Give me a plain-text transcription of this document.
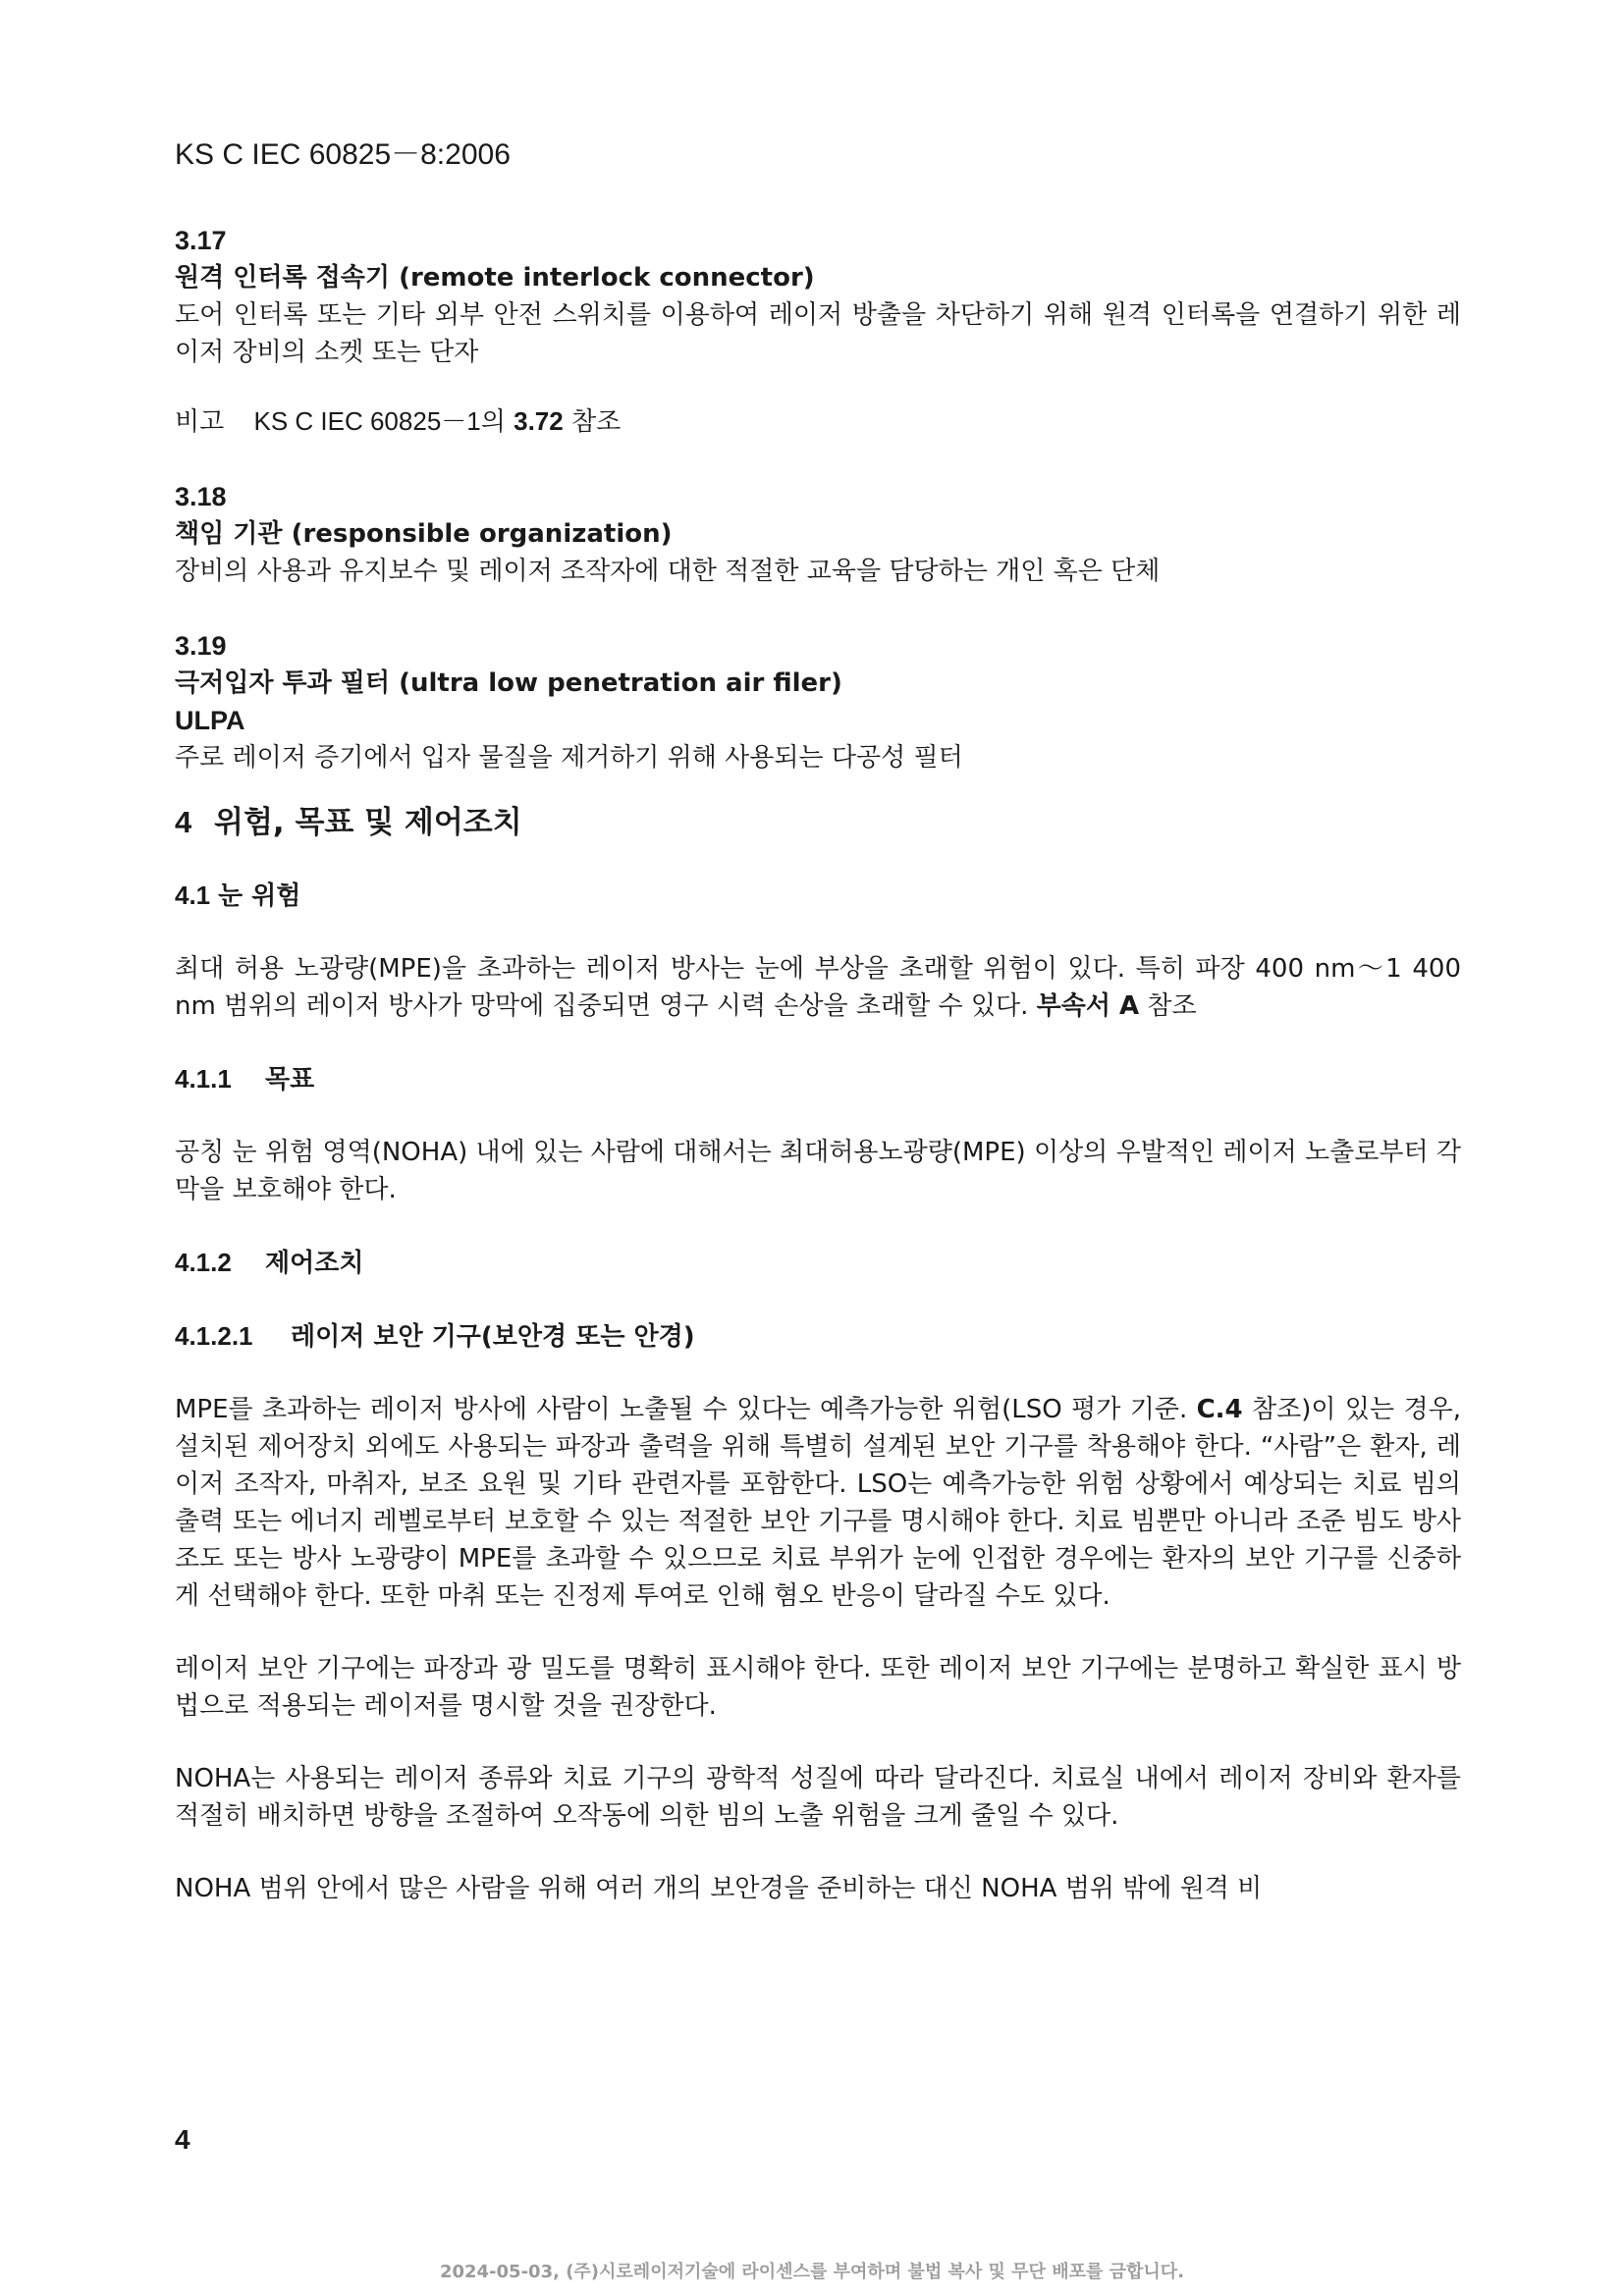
KS C IEC 60825－8:2006
3.17
원격 인터록 접속기 (remote interlock connector)

도어 인터록 또는 기타 외부 안전 스위치를 이용하여 레이저 방출을 차단하기 위해 원격 인터록을 연결하기 위한 레이저 장비의 소켓 또는 단자

비고 KS C IEC 60825－1의 3.72 참조

3.18
책임 기관 (responsible organization)

장비의 사용과 유지보수 및 레이저 조작자에 대한 적절한 교육을 담당하는 개인 혹은 단체

3.19
극저입자 투과 필터 (ultra low penetration air filer)
ULPA

주로 레이저 증기에서 입자 물질을 제거하기 위해 사용되는 다공성 필터

4 위험, 목표 및 제어조치
4.1 눈 위험

최대 허용 노광량(MPE)을 초과하는 레이저 방사는 눈에 부상을 초래할 위험이 있다. 특히 파장 400 nm～1 400 nm 범위의 레이저 방사가 망막에 집중되면 영구 시력 손상을 초래할 수 있다. 부속서 A 참조

4.1.1 목표

공칭 눈 위험 영역(NOHA) 내에 있는 사람에 대해서는 최대허용노광량(MPE) 이상의 우발적인 레이저 노출로부터 각막을 보호해야 한다.

4.1.2 제어조치
4.1.2.1 레이저 보안 기구(보안경 또는 안경)

MPE를 초과하는 레이저 방사에 사람이 노출될 수 있다는 예측가능한 위험(LSO 평가 기준. C.4 참조)이 있는 경우, 설치된 제어장치 외에도 사용되는 파장과 출력을 위해 특별히 설계된 보안 기구를 착용해야 한다. “사람”은 환자, 레이저 조작자, 마취자, 보조 요원 및 기타 관련자를 포함한다. LSO는 예측가능한 위험 상황에서 예상되는 치료 빔의 출력 또는 에너지 레벨로부터 보호할 수 있는 적절한 보안 기구를 명시해야 한다. 치료 빔뿐만 아니라 조준 빔도 방사조도 또는 방사 노광량이 MPE를 초과할 수 있으므로 치료 부위가 눈에 인접한 경우에는 환자의 보안 기구를 신중하게 선택해야 한다. 또한 마취 또는 진정제 투여로 인해 혐오 반응이 달라질 수도 있다.

레이저 보안 기구에는 파장과 광 밀도를 명확히 표시해야 한다. 또한 레이저 보안 기구에는 분명하고 확실한 표시 방법으로 적용되는 레이저를 명시할 것을 권장한다.

NOHA는 사용되는 레이저 종류와 치료 기구의 광학적 성질에 따라 달라진다. 치료실 내에서 레이저 장비와 환자를 적절히 배치하면 방향을 조절하여 오작동에 의한 빔의 노출 위험을 크게 줄일 수 있다.

NOHA 범위 안에서 많은 사람을 위해 여러 개의 보안경을 준비하는 대신 NOHA 범위 밖에 원격 비

4
2024-05-03, (주)시로레이저기술에 라이센스를 부여하며 불법 복사 및 무단 배포를 금합니다.
